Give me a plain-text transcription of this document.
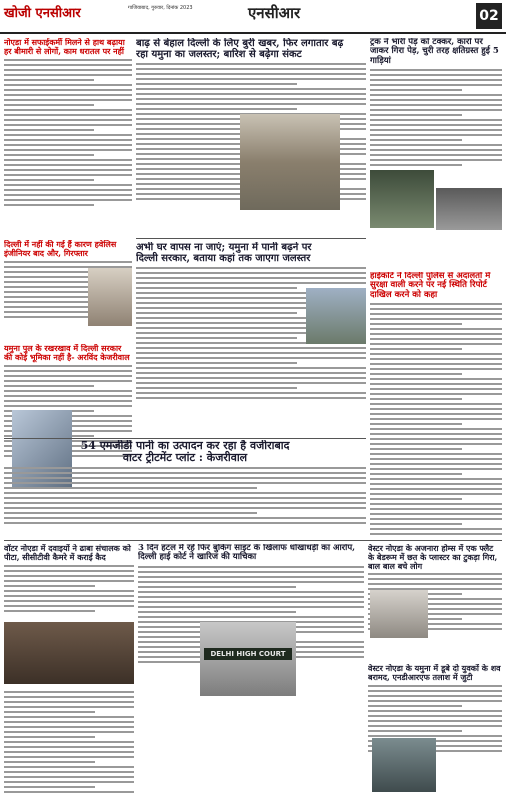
खोजी एनसीआर	गाजियाबाद, गुरुवार, दिनांक 2023	एनसीआर	02
नोएडा में सफाईकर्मी मिलने से हाथ बढ़ाया हर बीमारी से लोगों, काम धरातल पर नहीं
दिल्ली में नहीं की गई हैं कारण हवेलिस इंजीनियर बाद और, गिरफ्तार
यमुना पुल के रखरखाव में दिल्ली सरकार की कोई भूमिका नहीं है- अरविंद केजरीवाल
बाढ़ से बेहाल दिल्ली के लिए बुरी खबर, फिर लगातार बढ़
रहा यमुना का जलस्तर; बारिश से बढ़ेगा संकट
ट्रक ने भारी पेड़ को टक्कर, कारों पर जाकर गिरा पेड़, चुरी तरह क्षतिग्रस्त हुई 5 गाड़ियां
अभी घर वापस ना जाएं; यमुना में पानी बढ़ने पर
दिल्ली सरकार, बताया कहां तक जाएगा जलस्तर
हाईकोर्ट ने दिल्ली पुलिस से अदालतों में सुरक्षा वाली करने पर नई स्थिति रिपोर्ट दाखिल करने को कहा
54 एमजीडी पानी का उत्पादन कर रहा है वजीराबाद
वाटर ट्रीटमेंट प्लांट : केजरीवाल
वॉटर नोएडा में दवाइयों ने ढाबा संचालक को पीटा, सीसीटीवी कैमरे में कराई कैद
3 दिन हटल में रहे फिर बुकिंग साइट के खिलाफ धोखाधड़ी का आरोप, दिल्ली हाई कोर्ट ने खारिज की याचिका
DELHI HIGH COURT
वेस्टर नोएडा के अजनारा होम्स में एक फ्लैट के बेडरूम में छत के प्लास्टर का टुकड़ा गिरा, बाल बाल बचे लोग
वेस्टर नोएडा के यमुना में डूबे दो युवकों के शव बरामद, एनडीआरएफ तलाश में जुटी
